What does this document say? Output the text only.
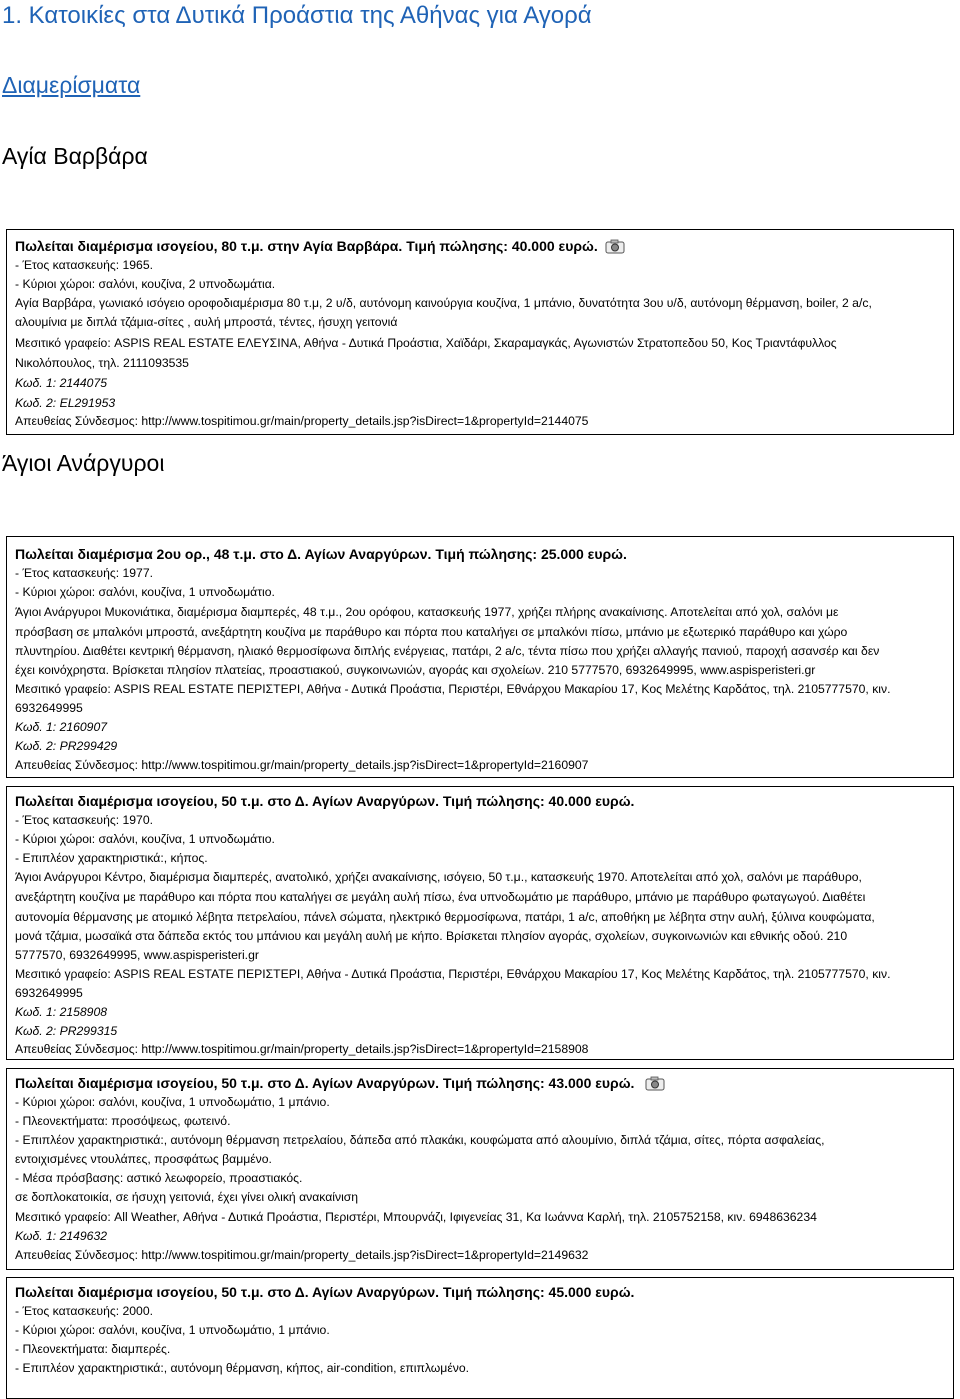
1. Κατοικίες στα Δυτικά Προάστια της Αθήνας για Αγορά
Διαμερίσματα
Αγία Βαρβάρα
Πωλείται διαμέρισμα ισογείου, 80 τ.μ. στην Αγία Βαρβάρα. Τιμή πώλησης: 40.000 ευρώ.
- Έτος κατασκευής: 1965.
- Κύριοι χώροι: σαλόνι, κουζίνα, 2 υπνοδωμάτια.
Αγία Βαρβάρα, γωνιακό ισόγειο οροφοδιαμέρισμα 80 τ.μ, 2 υ/δ, αυτόνομη καινούργια κουζίνα, 1 μπάνιο, δυνατότητα 3ου υ/δ, αυτόνομη θέρμανση, boiler, 2 a/c,
αλουμίνια με διπλά τζάμια-σίτες , αυλή μπροστά, τέντες, ήσυχη γειτονιά
Μεσιτικό γραφείο: ASPIS REAL ESTATE ΕΛΕΥΣΙΝΑ, Αθήνα - Δυτικά Προάστια, Χαϊδάρι, Σκαραμαγκάς, Αγωνιστών Στρατοπεδου 50, Κος Τριαντάφυλλος
Νικολόπουλος, τηλ. 2111093535
Κωδ. 1: 2144075
Κωδ. 2: EL291953
Απευθείας Σύνδεσμος: http://www.tospitimou.gr/main/property_details.jsp?isDirect=1&propertyId=2144075
Άγιοι Ανάργυροι
Πωλείται διαμέρισμα 2ου ορ., 48 τ.μ. στο Δ. Αγίων Αναργύρων. Τιμή πώλησης: 25.000 ευρώ.
- Έτος κατασκευής: 1977.
- Κύριοι χώροι: σαλόνι, κουζίνα, 1 υπνοδωμάτιο.
Άγιοι Ανάργυροι Μυκονιάτικα, διαμέρισμα διαμπερές, 48 τ.μ., 2ου ορόφου, κατασκευής 1977, χρήζει πλήρης ανακαίνισης. Αποτελείται από χολ, σαλόνι με
πρόσβαση σε μπαλκόνι μπροστά, ανεξάρτητη κουζίνα με παράθυρο και πόρτα που καταλήγει σε μπαλκόνι πίσω, μπάνιο με εξωτερικό παράθυρο και χώρο
πλυντηρίου. Διαθέτει κεντρική θέρμανση, ηλιακό θερμοσίφωνα διπλής ενέργειας, πατάρι, 2 a/c, τέντα πίσω που χρήζει αλλαγής πανιού, παροχή ασανσέρ και δεν
έχει κοινόχρηστα. Βρίσκεται πλησίον πλατείας, προαστιακού, συγκοινωνιών, αγοράς και σχολείων. 210 5777570, 6932649995, www.aspisperisteri.gr
Μεσιτικό γραφείο: ASPIS REAL ESTATE ΠΕΡΙΣΤΕΡΙ, Αθήνα - Δυτικά Προάστια, Περιστέρι, Εθνάρχου Μακαρίου 17, Κος Μελέτης Καρδάτος, τηλ. 2105777570, κιν.
6932649995
Κωδ. 1: 2160907
Κωδ. 2: PR299429
Απευθείας Σύνδεσμος: http://www.tospitimou.gr/main/property_details.jsp?isDirect=1&propertyId=2160907
Πωλείται διαμέρισμα ισογείου, 50 τ.μ. στο Δ. Αγίων Αναργύρων. Τιμή πώλησης: 40.000 ευρώ.
- Έτος κατασκευής: 1970.
- Κύριοι χώροι: σαλόνι, κουζίνα, 1 υπνοδωμάτιο.
- Επιπλέον χαρακτηριστικά:, κήπος.
Άγιοι Ανάργυροι Κέντρο, διαμέρισμα διαμπερές, ανατολικό, χρήζει ανακαίνισης, ισόγειο, 50 τ.μ., κατασκευής 1970. Αποτελείται από χολ, σαλόνι με παράθυρο,
ανεξάρτητη κουζίνα με παράθυρο και πόρτα που καταλήγει σε μεγάλη αυλή πίσω, ένα υπνοδωμάτιο με παράθυρο, μπάνιο με παράθυρο φωταγωγού. Διαθέτει
αυτονομία θέρμανσης με ατομικό λέβητα πετρελαίου, πάνελ σώματα, ηλεκτρικό θερμοσίφωνα, πατάρι, 1 a/c, αποθήκη με λέβητα στην αυλή, ξύλινα κουφώματα,
μονά τζάμια, μωσαϊκά στα δάπεδα εκτός του μπάνιου και μεγάλη αυλή με κήπο. Βρίσκεται πλησίον αγοράς, σχολείων, συγκοινωνιών και εθνικής οδού. 210
5777570, 6932649995, www.aspisperisteri.gr
Μεσιτικό γραφείο: ASPIS REAL ESTATE ΠΕΡΙΣΤΕΡΙ, Αθήνα - Δυτικά Προάστια, Περιστέρι, Εθνάρχου Μακαρίου 17, Κος Μελέτης Καρδάτος, τηλ. 2105777570, κιν.
6932649995
Κωδ. 1: 2158908
Κωδ. 2: PR299315
Απευθείας Σύνδεσμος: http://www.tospitimou.gr/main/property_details.jsp?isDirect=1&propertyId=2158908
Πωλείται διαμέρισμα ισογείου, 50 τ.μ. στο Δ. Αγίων Αναργύρων. Τιμή πώλησης: 43.000 ευρώ.
- Κύριοι χώροι: σαλόνι, κουζίνα, 1 υπνοδωμάτιο, 1 μπάνιο.
- Πλεονεκτήματα: προσόψεως, φωτεινό.
- Επιπλέον χαρακτηριστικά:, αυτόνομη θέρμανση πετρελαίου, δάπεδα από πλακάκι, κουφώματα από αλουμίνιο, διπλά τζάμια, σίτες, πόρτα ασφαλείας,
εντοιχισμένες ντουλάπες, προσφάτως βαμμένο.
- Μέσα πρόσβασης: αστικό λεωφορείο, προαστιακός.
σε δοπλοκατοικία, σε ήσυχη γειτονιά, έχει γίνει ολική ανακαίνιση
Μεσιτικό γραφείο: All Weather, Αθήνα - Δυτικά Προάστια, Περιστέρι, Μπουρνάζι, Ιφιγενείας 31, Κα Ιωάννα Καρλή, τηλ. 2105752158, κιν. 6948636234
Κωδ. 1: 2149632
Απευθείας Σύνδεσμος: http://www.tospitimou.gr/main/property_details.jsp?isDirect=1&propertyId=2149632
Πωλείται διαμέρισμα ισογείου, 50 τ.μ. στο Δ. Αγίων Αναργύρων. Τιμή πώλησης: 45.000 ευρώ.
- Έτος κατασκευής: 2000.
- Κύριοι χώροι: σαλόνι, κουζίνα, 1 υπνοδωμάτιο, 1 μπάνιο.
- Πλεονεκτήματα: διαμπερές.
- Επιπλέον χαρακτηριστικά:, αυτόνομη θέρμανση, κήπος, air-condition, επιπλωμένο.
